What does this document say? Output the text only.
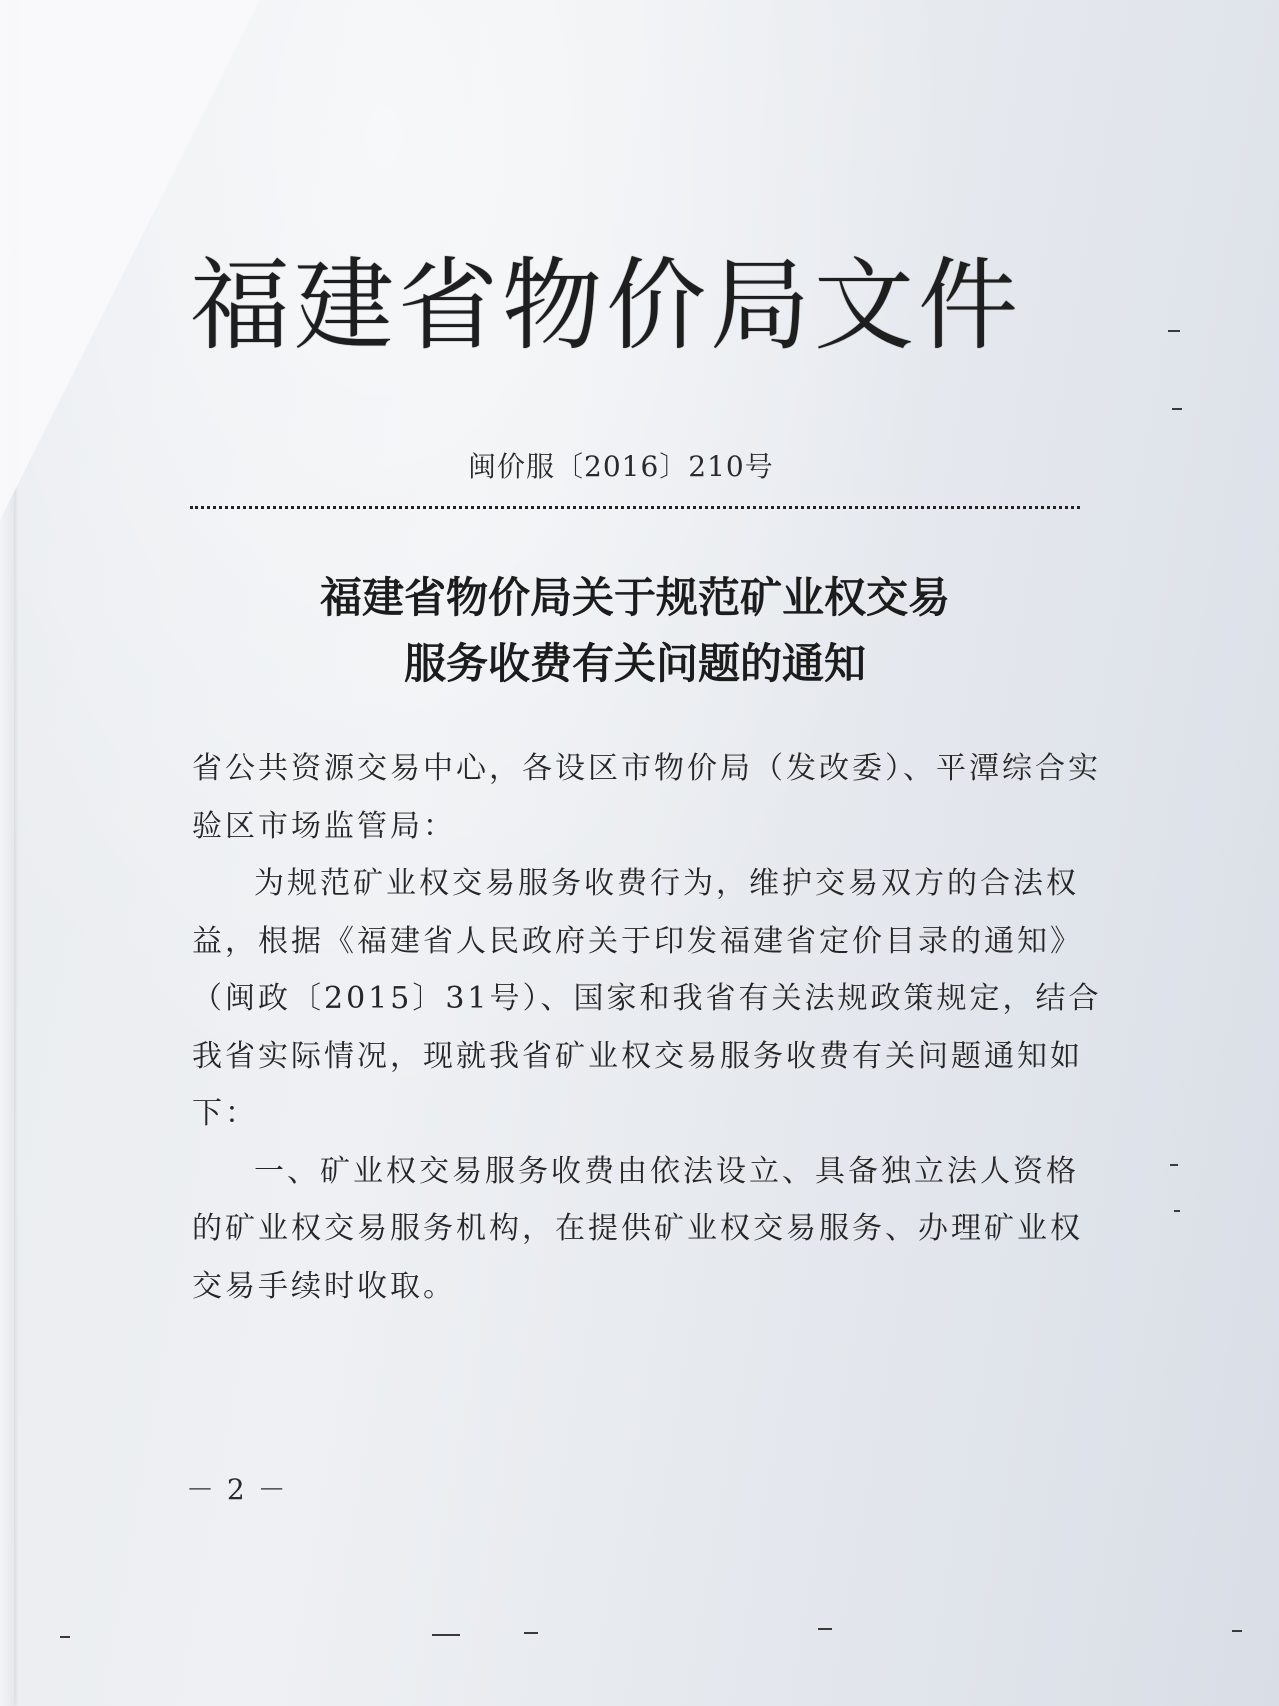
福建省物价局文件
闽价服〔2016〕210号
福建省物价局关于规范矿业权交易
服务收费有关问题的通知
省公共资源交易中心，各设区市物价局（发改委）、平潭综合实
验区市场监管局：
为规范矿业权交易服务收费行为，维护交易双方的合法权
益，根据《福建省人民政府关于印发福建省定价目录的通知》
（闽政〔2015〕31号）、国家和我省有关法规政策规定，结合
我省实际情况，现就我省矿业权交易服务收费有关问题通知如
下：
一、矿业权交易服务收费由依法设立、具备独立法人资格
的矿业权交易服务机构，在提供矿业权交易服务、办理矿业权
交易手续时收取。
－ 2 －
